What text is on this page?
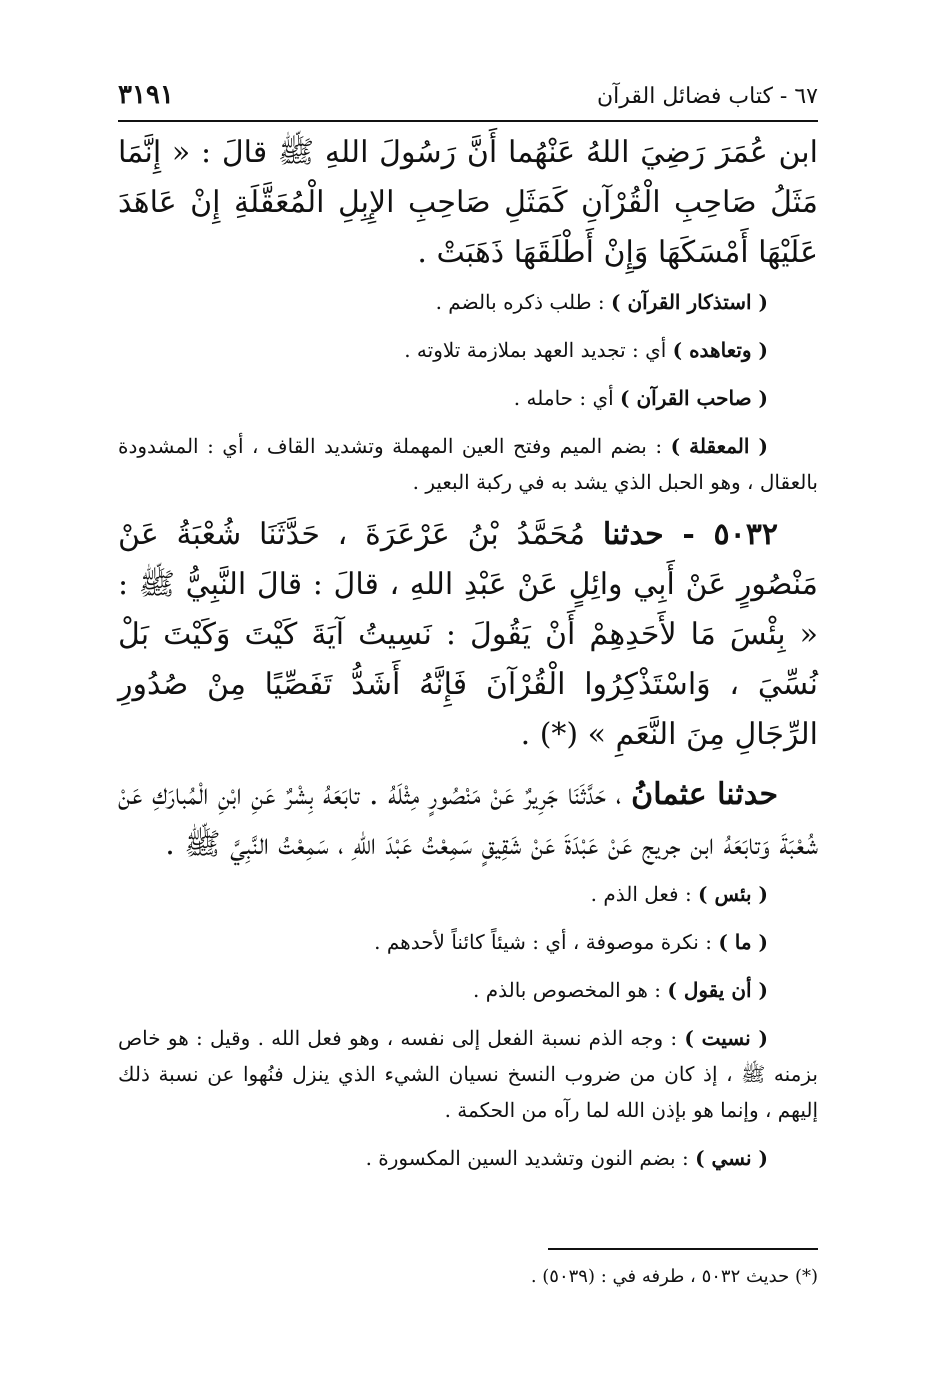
٦٧ - كتاب فضائل القرآن
٣١٩١

ابن عُمَرَ رَضِيَ اللهُ عَنْهُما أَنَّ رَسُولَ اللهِ ﷺ قالَ : « إِنَّمَا مَثَلُ صَاحِبِ الْقُرْآنِ كَمَثَلِ صَاحِبِ الإِبِلِ الْمُعَقَّلَةِ إِنْ عَاهَدَ عَلَيْهَا أَمْسَكَهَا وَإِنْ أَطْلَقَهَا ذَهَبَتْ .

( استذكار القرآن ) : طلب ذكره بالضم .

( وتعاهده ) أي : تجديد العهد بملازمة تلاوته .

( صاحب القرآن ) أي : حامله .

( المعقلة ) : بضم الميم وفتح العين المهملة وتشديد القاف ، أي : المشدودة بالعقال ، وهو الحبل الذي يشد به في ركبة البعير .

٥٠٣٢ - حدثنا مُحَمَّدُ بْنُ عَرْعَرَةَ ، حَدَّثَنَا شُعْبَةُ عَنْ مَنْصُورٍ عَنْ أَبِي وائِلٍ عَنْ عَبْدِ اللهِ ، قالَ : قالَ النَّبِيُّ ﷺ : « بِئْسَ مَا لأَحَدِهِمْ أَنْ يَقُولَ : نَسِيتُ آيَةَ كَيْتَ وَكَيْتَ بَلْ نُسِّيَ ، وَاسْتَذْكِرُوا الْقُرْآنَ فَإِنَّهُ أَشَدُّ تَفَصِّيًا مِنْ صُدُورِ الرِّجَالِ مِنَ النَّعَمِ » (*) .

حدثنا عثمانُ ، حَدَّثَنَا جَرِيرٌ عَنْ مَنْصُورٍ مِثْلَهُ . تابَعَهُ بِشْرٌ عَنِ ابْنِ الْمُبارَكِ عَنْ شُعْبَةَ وَتابَعَهُ ابن جريج عَنْ عَبْدَةَ عَنْ شَقِيقٍ سَمِعْتُ عَبْدَ اللهِ ، سَمِعْتُ النَّبِيَّ ﷺ .

( بئس ) : فعل الذم .

( ما ) : نكرة موصوفة ، أي : شيئاً كائناً لأحدهم .

( أن يقول ) : هو المخصوص بالذم .

( نسيت ) : وجه الذم نسبة الفعل إلى نفسه ، وهو فعل الله . وقيل : هو خاص بزمنه ﷺ ، إذ كان من ضروب النسخ نسيان الشيء الذي ينزل فنُهوا عن نسبة ذلك إليهم ، وإنما هو بإذن الله لما رآه من الحكمة .

( نسي ) : بضم النون وتشديد السين المكسورة .

(*) حديث ٥٠٣٢ ، طرفه في : (٥٠٣٩) .
